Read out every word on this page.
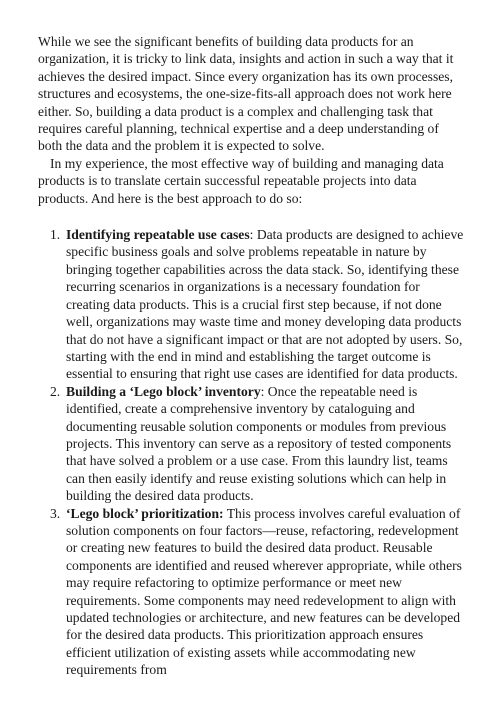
While we see the significant benefits of building data products for an organization, it is tricky to link data, insights and action in such a way that it achieves the desired impact. Since every organization has its own processes, structures and ecosystems, the one-size-fits-all approach does not work here either. So, building a data product is a complex and challenging task that requires careful planning, technical expertise and a deep understanding of both the data and the problem it is expected to solve.

In my experience, the most effective way of building and managing data products is to translate certain successful repeatable projects into data products. And here is the best approach to do so:

1. Identifying repeatable use cases: Data products are designed to achieve specific business goals and solve problems repeatable in nature by bringing together capabilities across the data stack. So, identifying these recurring scenarios in organizations is a necessary foundation for creating data products. This is a crucial first step because, if not done well, organizations may waste time and money developing data products that do not have a significant impact or that are not adopted by users. So, starting with the end in mind and establishing the target outcome is essential to ensuring that right use cases are identified for data products.
2. Building a ‘Lego block’ inventory: Once the repeatable need is identified, create a comprehensive inventory by cataloguing and documenting reusable solution components or modules from previous projects. This inventory can serve as a repository of tested components that have solved a problem or a use case. From this laundry list, teams can then easily identify and reuse existing solutions which can help in building the desired data products.
3. ‘Lego block’ prioritization: This process involves careful evaluation of solution components on four factors—reuse, refactoring, redevelopment or creating new features to build the desired data product. Reusable components are identified and reused wherever appropriate, while others may require refactoring to optimize performance or meet new requirements. Some components may need redevelopment to align with updated technologies or architecture, and new features can be developed for the desired data products. This prioritization approach ensures efficient utilization of existing assets while accommodating new requirements from
